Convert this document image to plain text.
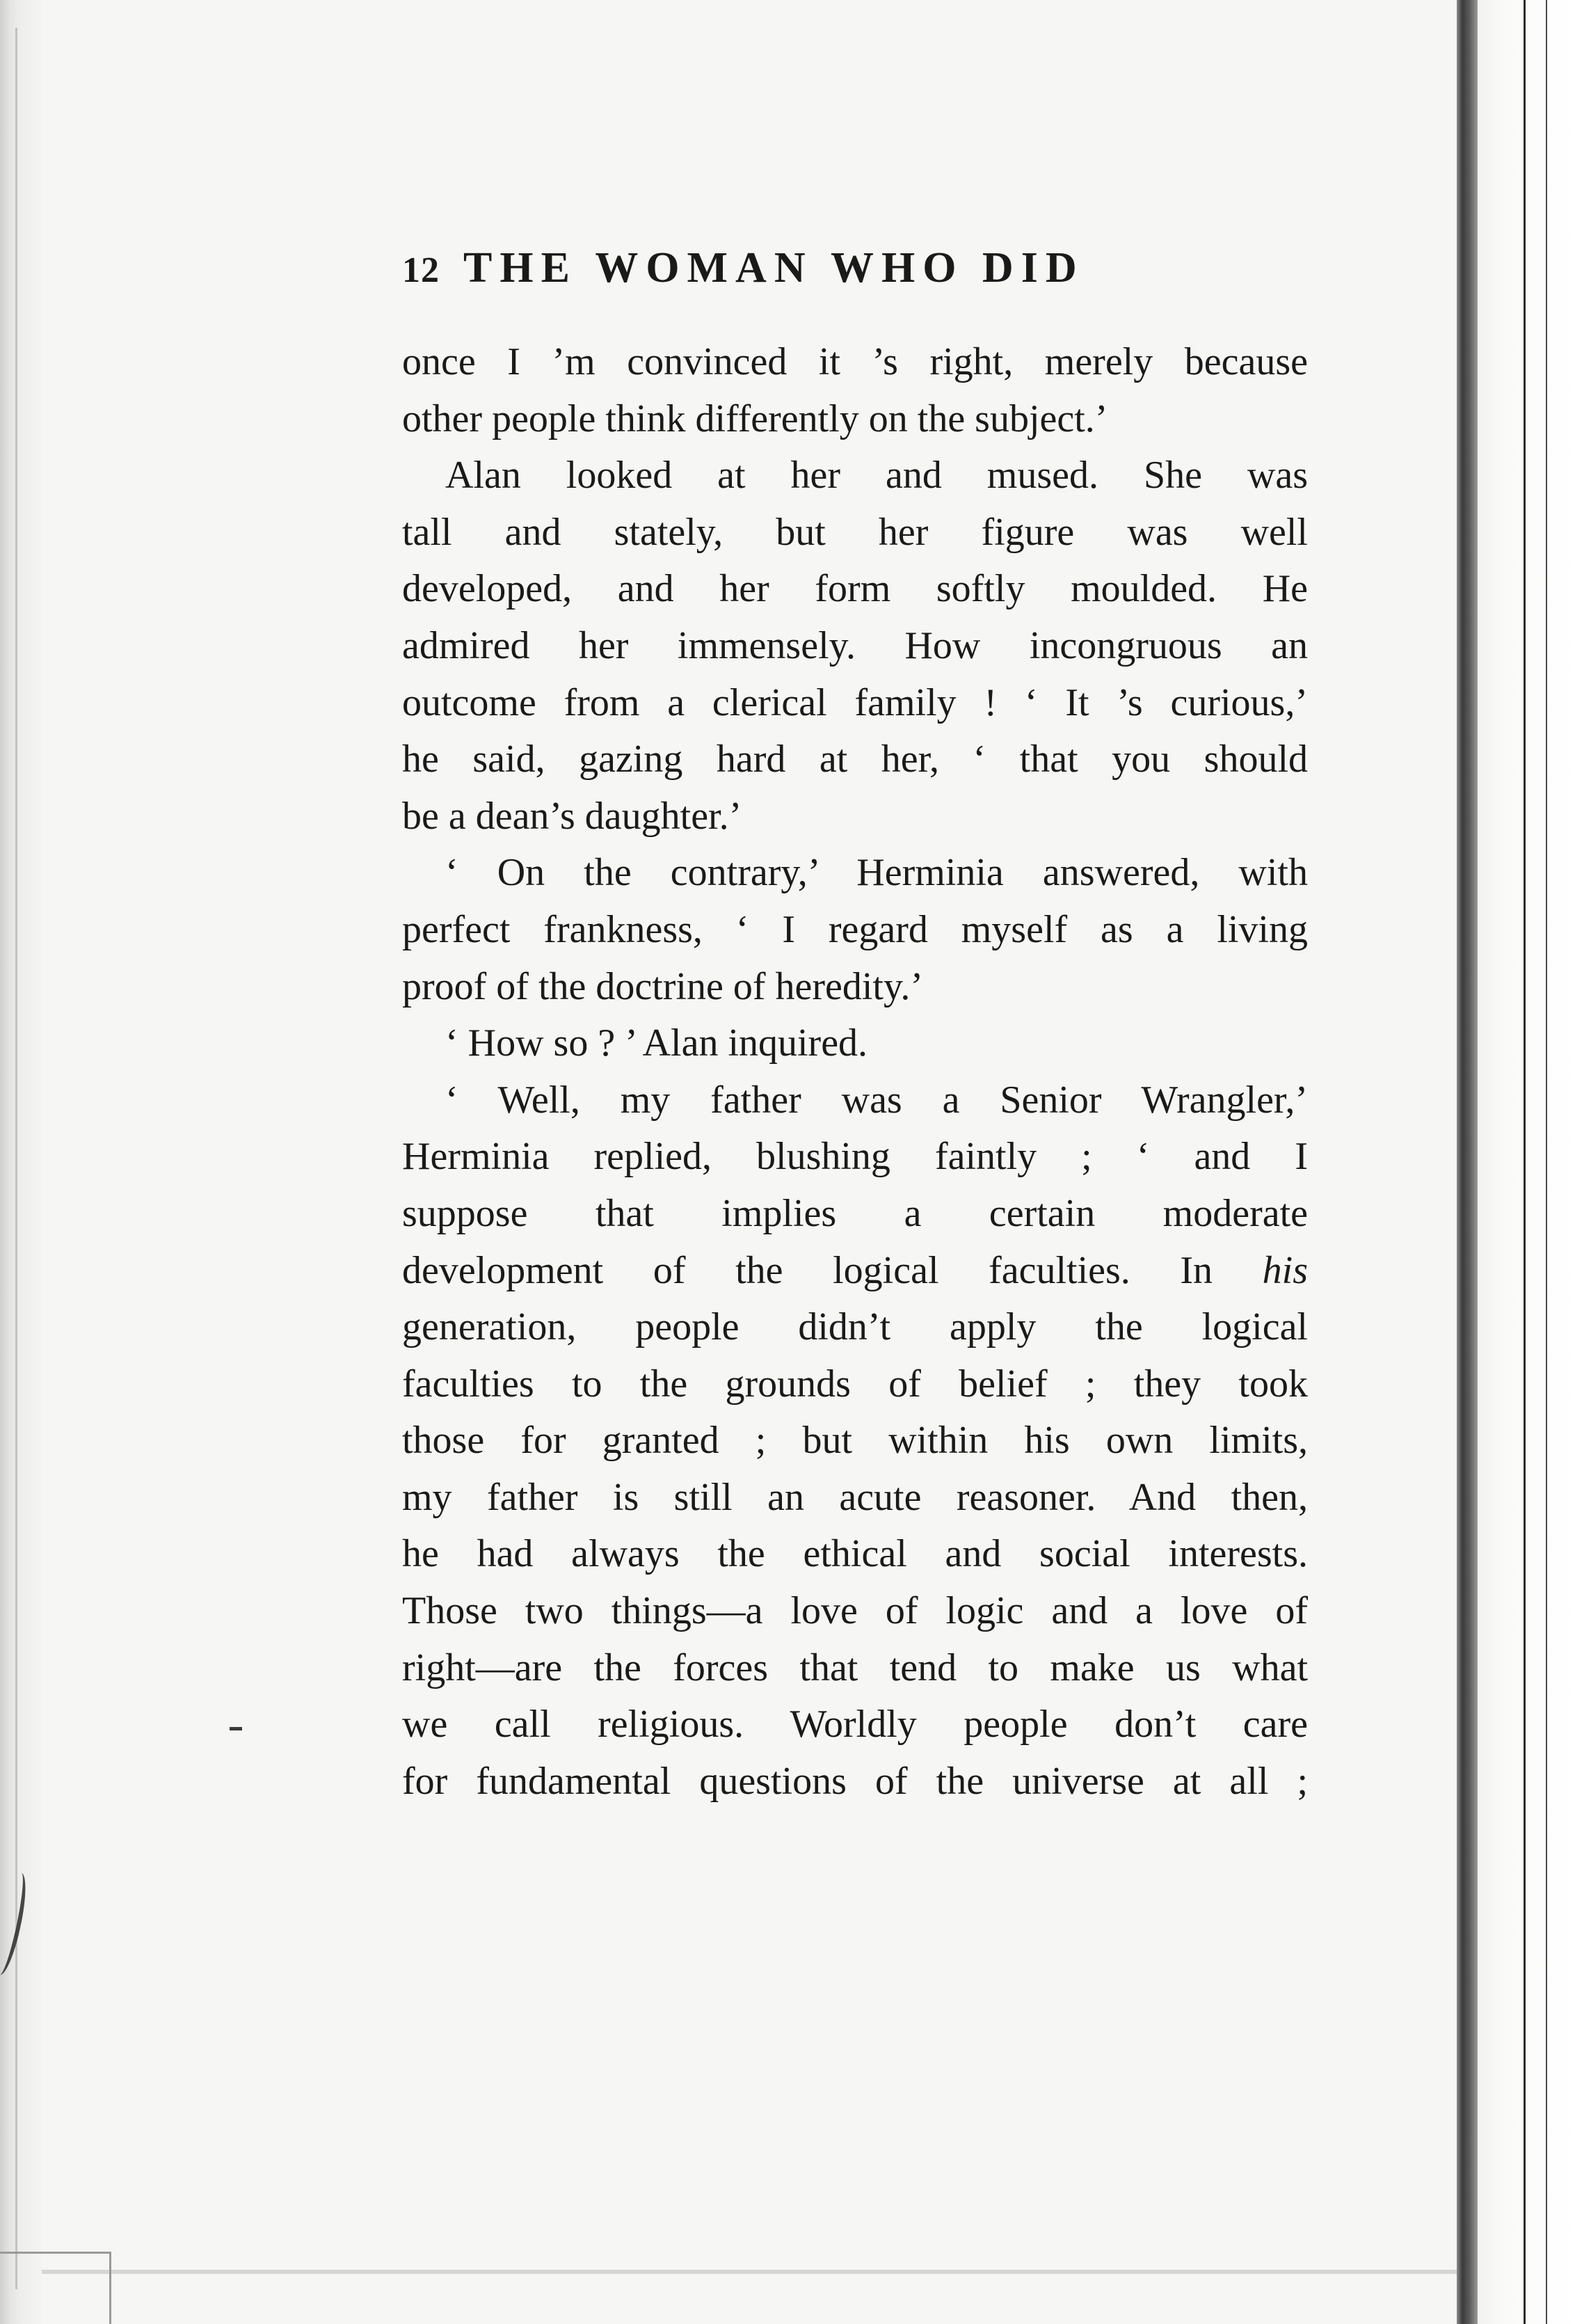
12 THE WOMAN WHO DID
once I ’m convinced it ’s right, merely because
other people think differently on the subject.’
Alan looked at her and mused. She was
tall and stately, but her figure was well
developed, and her form softly moulded. He
admired her immensely. How incongruous an
outcome from a clerical family ! ‘ It ’s curious,’
he said, gazing hard at her, ‘ that you should
be a dean’s daughter.’
‘ On the contrary,’ Herminia answered, with
perfect frankness, ‘ I regard myself as a living
proof of the doctrine of heredity.’
‘ How so ? ’ Alan inquired.
‘ Well, my father was a Senior Wrangler,’
Herminia replied, blushing faintly ; ‘ and I
suppose that implies a certain moderate
development of the logical faculties. In his
generation, people didn’t apply the logical
faculties to the grounds of belief ; they took
those for granted ; but within his own limits,
my father is still an acute reasoner. And then,
he had always the ethical and social interests.
Those two things—a love of logic and a love of
right—are the forces that tend to make us what
we call religious. Worldly people don’t care
for fundamental questions of the universe at all ;
